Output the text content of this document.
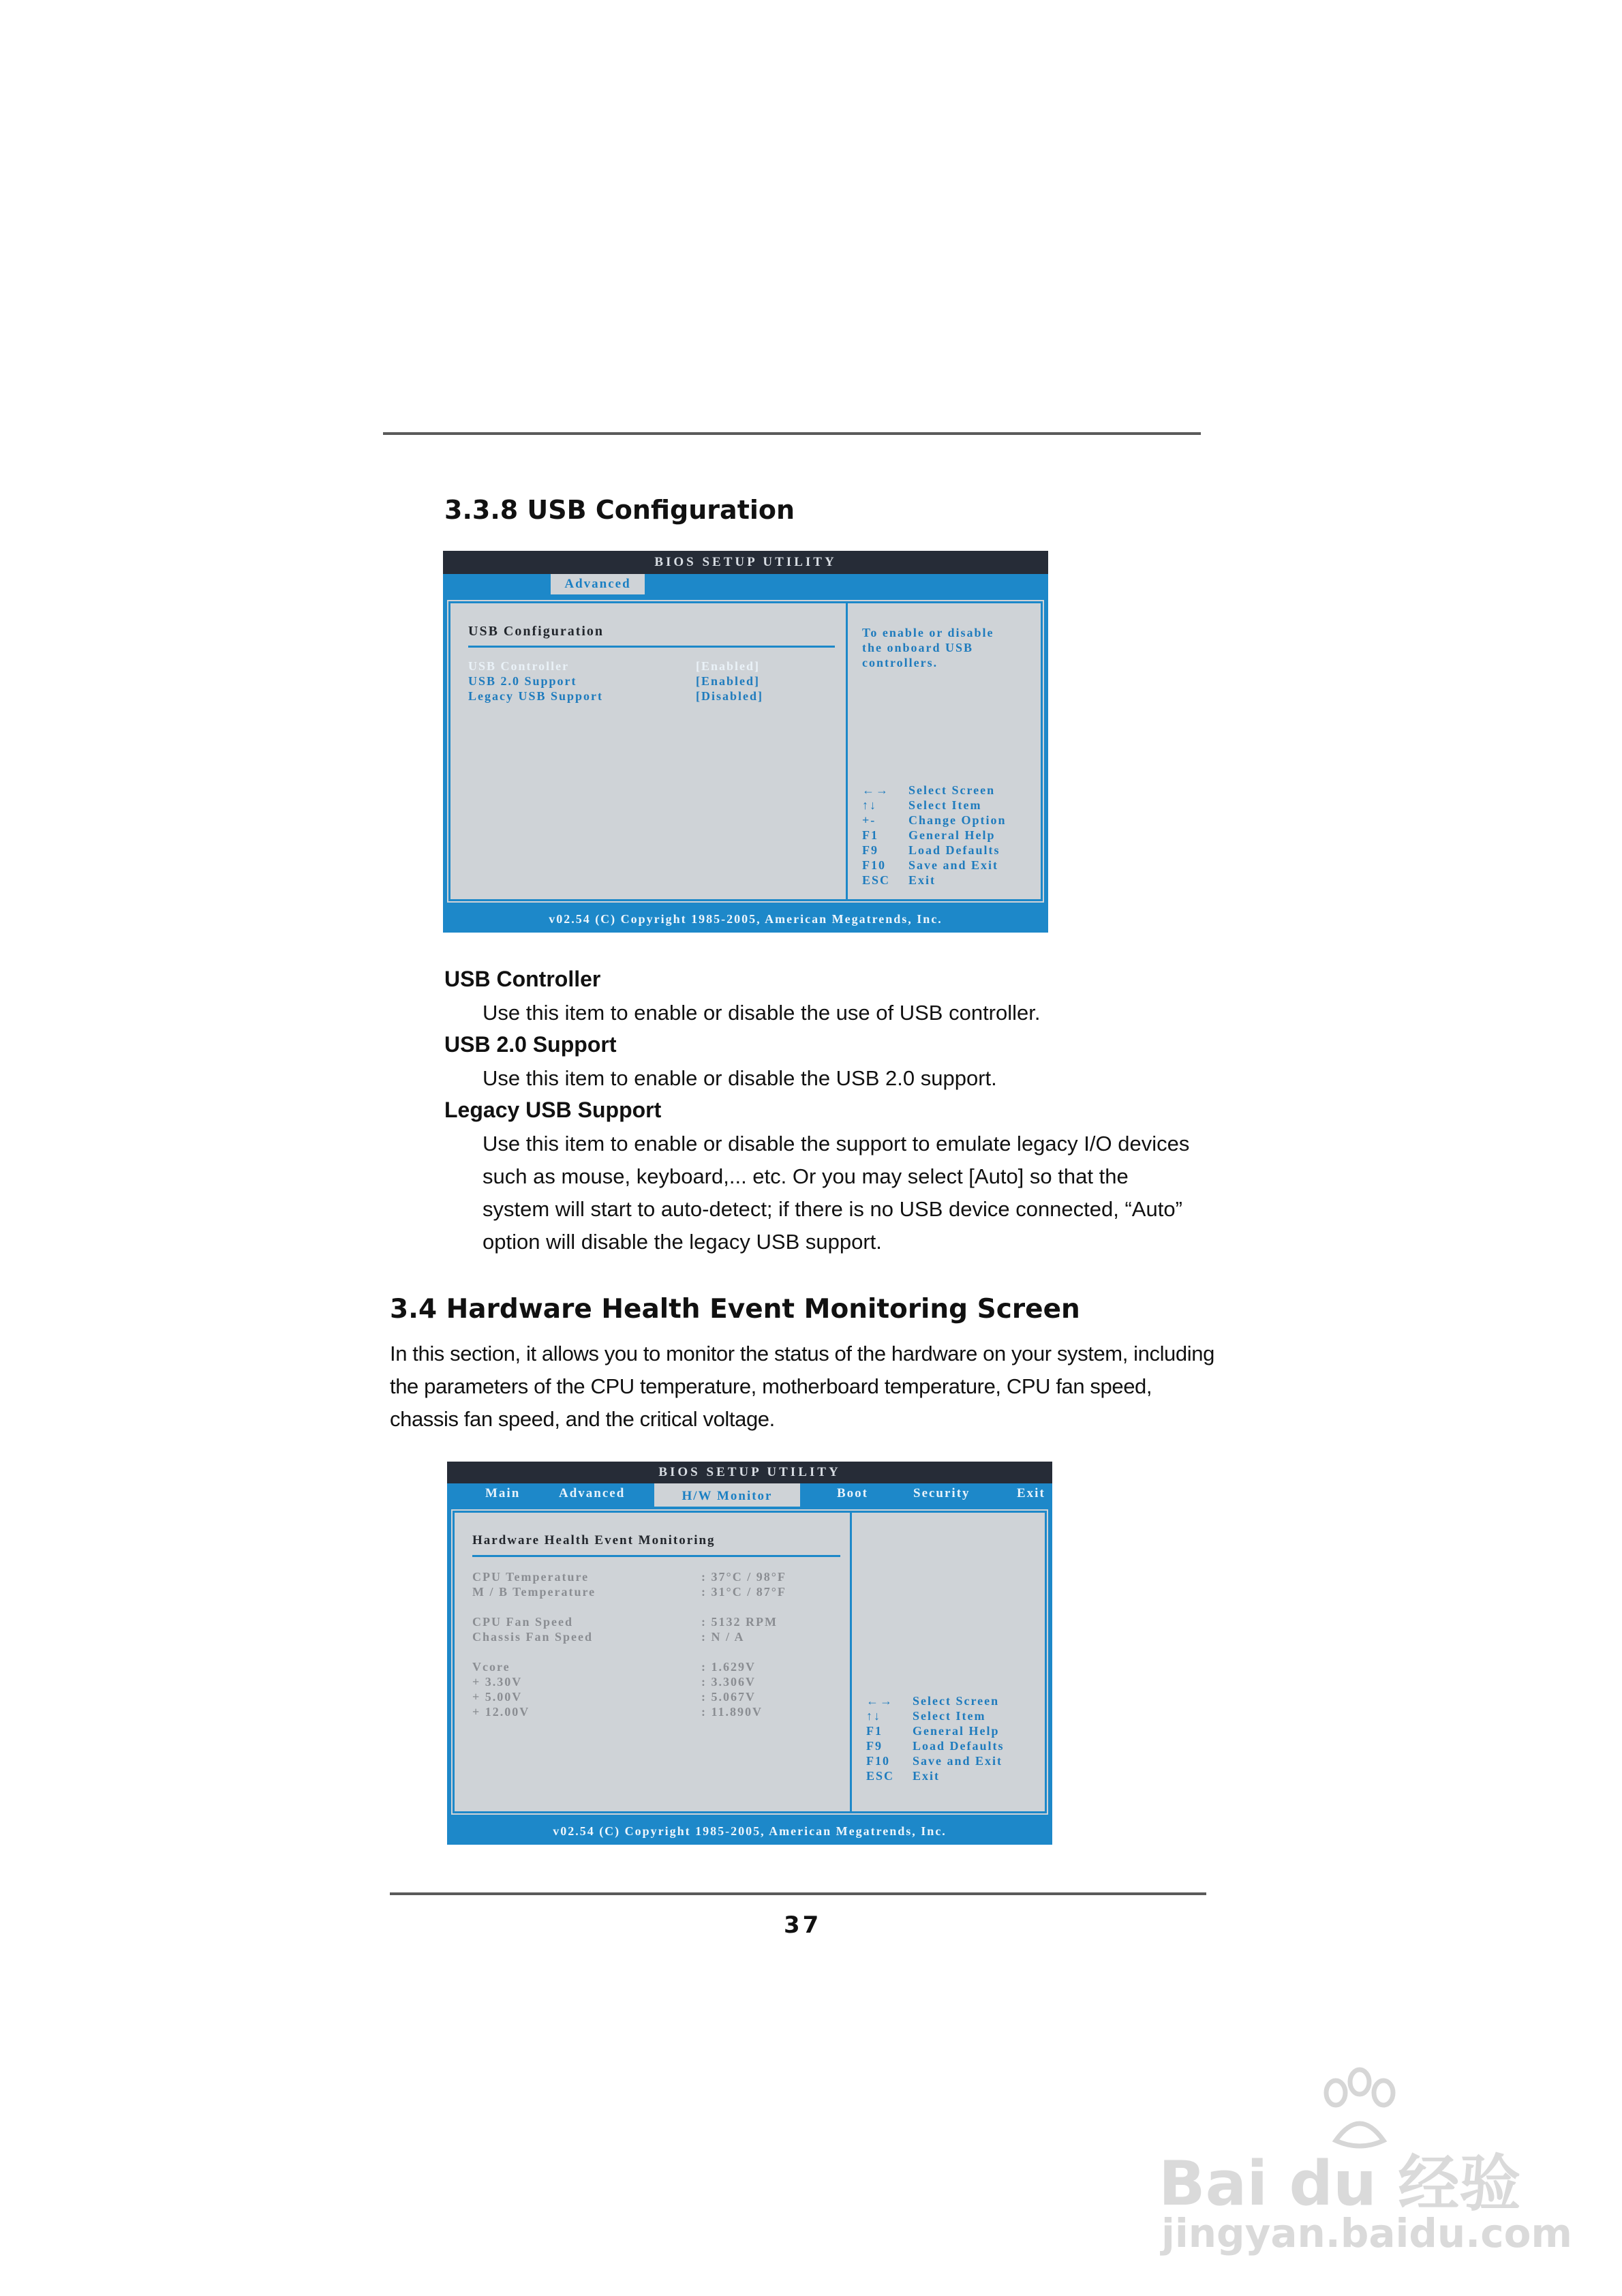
3.3.8 USB Configuration
BIOS SETUP UTILITY
Advanced
USB Configuration
USB Controller	[Enabled]
USB 2.0 Support	[Enabled]
Legacy USB Support	[Disabled]
To enable or disable
the onboard USB
controllers.
←→ Select Screen
↑↓	Select Item
+-	Change Option
F1 General Help
F9 Load Defaults
F10 Save and Exit
ESC Exit
v02.54 (C) Copyright 1985-2005, American Megatrends, Inc.
USB Controller
Use this item to enable or disable the use of USB controller.
USB 2.0 Support
Use this item to enable or disable the USB 2.0 support.
Legacy USB Support
Use this item to enable or disable the support to emulate legacy I/O devices such as mouse, keyboard,... etc. Or you may select [Auto] so that the system will start to auto-detect; if there is no USB device connected, “Auto” option will disable the legacy USB support.
3.4 Hardware Health Event Monitoring Screen
In this section, it allows you to monitor the status of the hardware on your system, including the parameters of the CPU temperature, motherboard temperature, CPU fan speed, chassis fan speed, and the critical voltage.
BIOS SETUP UTILITY
Main	Advanced	H/W Monitor	Boot	Security	Exit
Hardware Health Event Monitoring
CPU Temperature	: 37°C / 98°F
M / B Temperature	: 31°C / 87°F
CPU Fan Speed	: 5132 RPM
Chassis Fan Speed	: N / A
Vcore	: 1.629V
+ 3.30V	: 3.306V
+ 5.00V	: 5.067V
+ 12.00V	: 11.890V
←→ Select Screen
↑↓	Select Item
F1 General Help
F9 Load Defaults
F10 Save and Exit
ESC Exit
v02.54 (C) Copyright 1985-2005, American Megatrends, Inc.
37
Bai du 经验
jingyan.baidu.com
